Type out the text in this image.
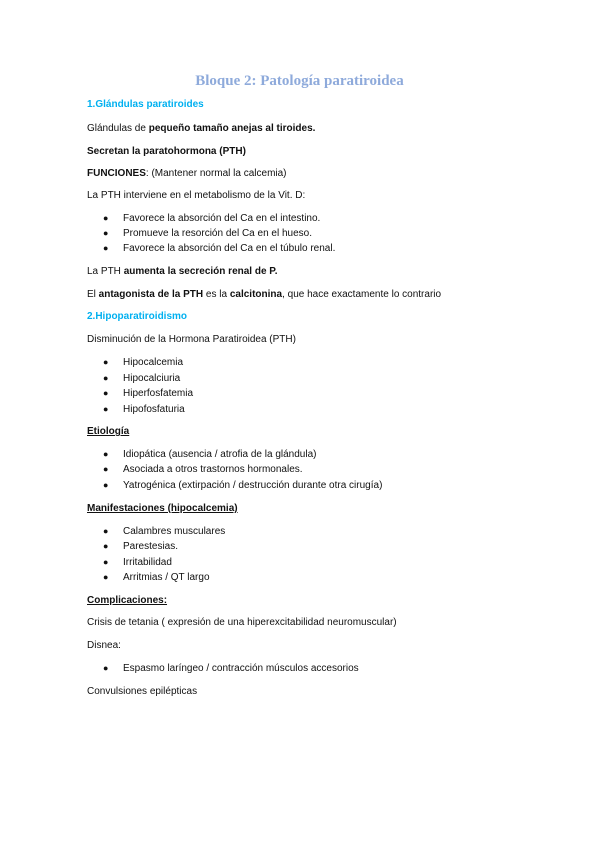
Bloque 2: Patología paratiroidea

1.Glándulas paratiroides

Glándulas de pequeño tamaño anejas al tiroides.

Secretan la paratohormona (PTH)

FUNCIONES: (Mantener normal la calcemia)

La PTH interviene en el metabolismo de la Vit. D:

● Favorece la absorción del Ca en el intestino.

● Promueve la resorción del Ca en el hueso.

● Favorece la absorción del Ca en el túbulo renal.

La PTH aumenta la secreción renal de P.

El antagonista de la PTH es la calcitonina, que hace exactamente lo contrario

2.Hipoparatiroidismo

Disminución de la Hormona Paratiroidea (PTH)

● Hipocalcemia

● Hipocalciuria

● Hiperfosfatemia

● Hipofosfaturia

Etiología

● Idiopática (ausencia / atrofia de la glándula)

● Asociada a otros trastornos hormonales.

● Yatrogénica (extirpación / destrucción durante otra cirugía)

Manifestaciones (hipocalcemia)

● Calambres musculares

● Parestesias.

● Irritabilidad

● Arritmias / QT largo

Complicaciones:

Crisis de tetania ( expresión de una hiperexcitabilidad neuromuscular)

Disnea:

● Espasmo laríngeo / contracción músculos accesorios

Convulsiones epilépticas
